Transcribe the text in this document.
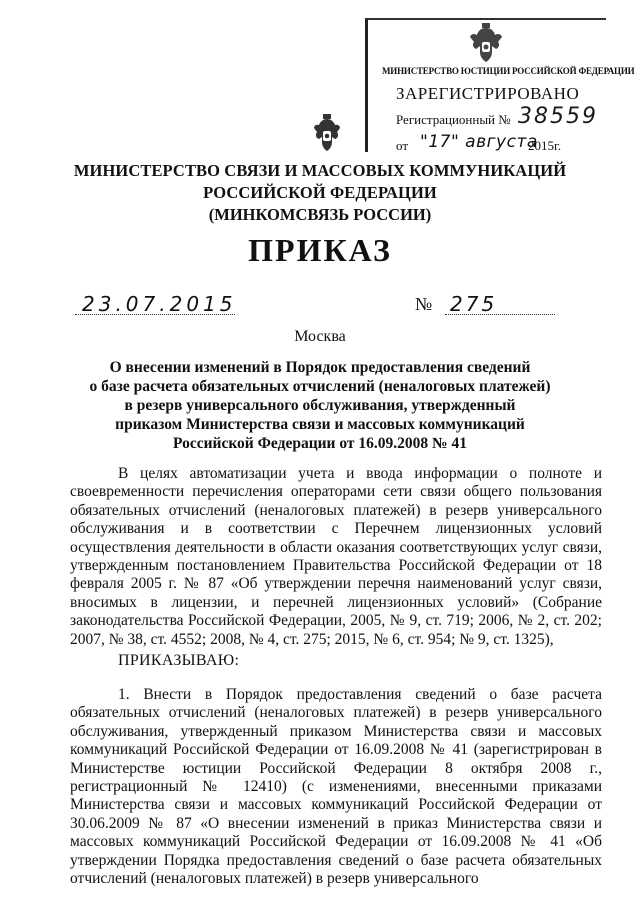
МИНИСТЕРСТВО ЮСТИЦИИ РОССИЙСКОЙ ФЕДЕРАЦИИ
ЗАРЕГИСТРИРОВАНО
Регистрационный № 38559
от "17" августа
2015г.
МИНИСТЕРСТВО СВЯЗИ И МАССОВЫХ КОММУНИКАЦИЙ
РОССИЙСКОЙ ФЕДЕРАЦИИ
(МИНКОМСВЯЗЬ РОССИИ)
ПРИКАЗ
23.07.2015	№ 275
Москва
О внесении изменений в Порядок предоставления сведений
о базе расчета обязательных отчислений (неналоговых платежей)
в резерв универсального обслуживания, утвержденный
приказом Министерства связи и массовых коммуникаций
Российской Федерации от 16.09.2008 № 41

В целях автоматизации учета и ввода информации о полноте и своевременности перечисления операторами сети связи общего пользования обязательных отчислений (неналоговых платежей) в резерв универсального обслуживания и в соответствии с Перечнем лицензионных условий осуществления деятельности в области оказания соответствующих услуг связи, утвержденным постановлением Правительства Российской Федерации от 18 февраля 2005 г. № 87 «Об утверждении перечня наименований услуг связи, вносимых в лицензии, и перечней лицензионных условий» (Собрание законодательства Российской Федерации, 2005, № 9, ст. 719; 2006, № 2, ст. 202; 2007, № 38, ст. 4552; 2008, № 4, ст. 275; 2015, № 6, ст. 954; № 9, ст. 1325),

ПРИКАЗЫВАЮ:

1. Внести в Порядок предоставления сведений о базе расчета обязательных отчислений (неналоговых платежей) в резерв универсального обслуживания, утвержденный приказом Министерства связи и массовых коммуникаций Российской Федерации от 16.09.2008 № 41 (зарегистрирован в Министерстве юстиции Российской Федерации 8 октября 2008 г., регистрационный № 12410) (с изменениями, внесенными приказами Министерства связи и массовых коммуникаций Российской Федерации от 30.06.2009 № 87 «О внесении изменений в приказ Министерства связи и массовых коммуникаций Российской Федерации от 16.09.2008 № 41 «Об утверждении Порядка предоставления сведений о базе расчета обязательных отчислений (неналоговых платежей) в резерв универсального
